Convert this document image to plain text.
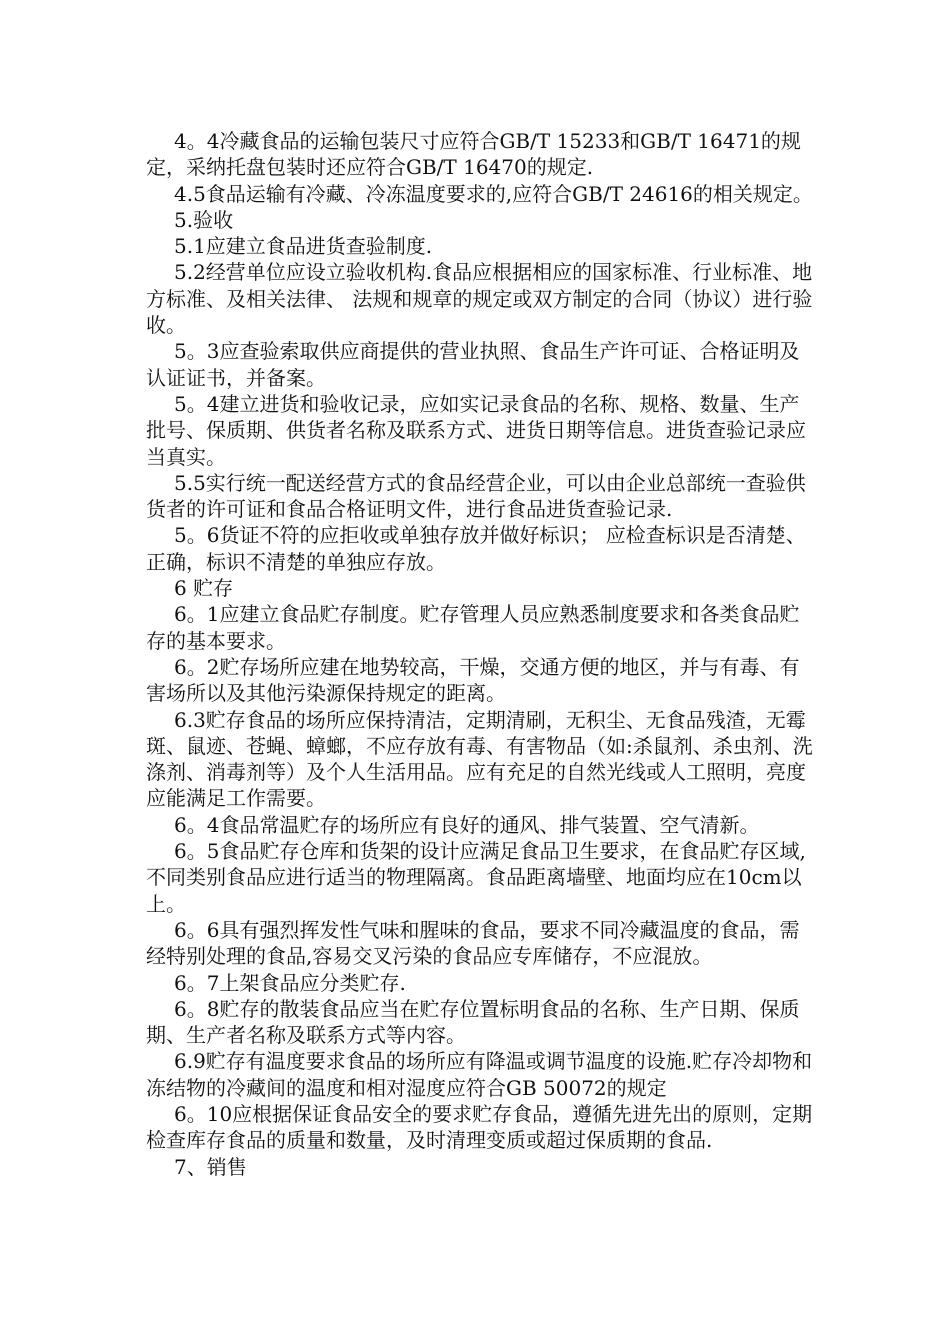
4。4冷藏食品的运输包装尺寸应符合GB/T 15233和GB/T 16471的规定，采纳托盘包装时还应符合GB/T 16470的规定.

4.5食品运输有冷藏、冷冻温度要求的,应符合GB/T 24616的相关规定。

5.验收

5.1应建立食品进货查验制度.

5.2经营单位应设立验收机构.食品应根据相应的国家标准、行业标准、地方标准、及相关法律、 法规和规章的规定或双方制定的合同（协议）进行验收。

5。3应查验索取供应商提供的营业执照、食品生产许可证、合格证明及认证证书，并备案。

5。4建立进货和验收记录，应如实记录食品的名称、规格、数量、生产批号、保质期、供货者名称及联系方式、进货日期等信息。进货查验记录应当真实。

5.5实行统一配送经营方式的食品经营企业，可以由企业总部统一查验供货者的许可证和食品合格证明文件，进行食品进货查验记录.

5。6货证不符的应拒收或单独存放并做好标识； 应检查标识是否清楚、正确，标识不清楚的单独应存放。

6 贮存

6。1应建立食品贮存制度。贮存管理人员应熟悉制度要求和各类食品贮存的基本要求。

6。2贮存场所应建在地势较高，干燥，交通方便的地区，并与有毒、有害场所以及其他污染源保持规定的距离。

6.3贮存食品的场所应保持清洁，定期清刷，无积尘、无食品残渣，无霉斑、鼠迹、苍蝇、蟑螂，不应存放有毒、有害物品（如:杀鼠剂、杀虫剂、洗涤剂、消毒剂等）及个人生活用品。应有充足的自然光线或人工照明，亮度应能满足工作需要。

6。4食品常温贮存的场所应有良好的通风、排气装置、空气清新。

6。5食品贮存仓库和货架的设计应满足食品卫生要求，在食品贮存区域,不同类别食品应进行适当的物理隔离。食品距离墙壁、地面均应在10cm以上。

6。6具有强烈挥发性气味和腥味的食品，要求不同冷藏温度的食品，需经特别处理的食品,容易交叉污染的食品应专库储存，不应混放。

6。7上架食品应分类贮存.

6。8贮存的散装食品应当在贮存位置标明食品的名称、生产日期、保质期、生产者名称及联系方式等内容。

6.9贮存有温度要求食品的场所应有降温或调节温度的设施.贮存冷却物和冻结物的冷藏间的温度和相对湿度应符合GB 50072的规定

6。10应根据保证食品安全的要求贮存食品，遵循先进先出的原则，定期检查库存食品的质量和数量，及时清理变质或超过保质期的食品.

7、销售
